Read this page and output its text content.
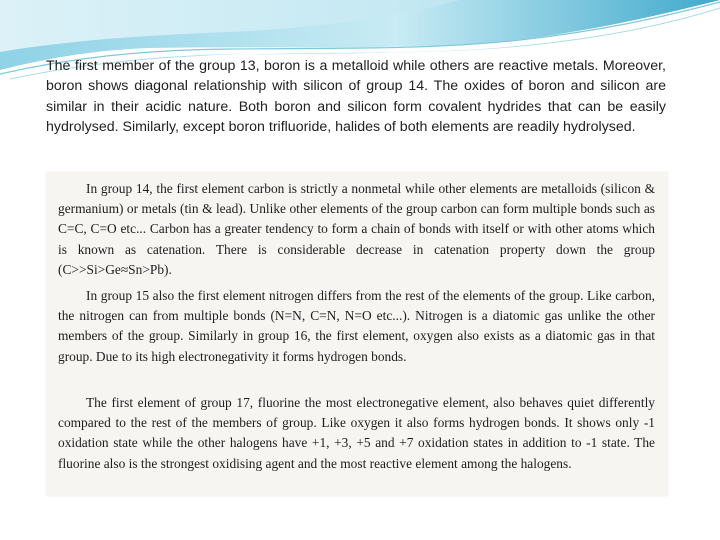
The first member of the group 13, boron is a metalloid while others are reactive metals. Moreover, boron shows diagonal relationship with silicon of group 14. The oxides of boron and silicon are similar in their acidic nature. Both boron and silicon form covalent hydrides that can be easily hydrolysed. Similarly, except boron trifluoride, halides of both elements are readily hydrolysed.

In group 14, the first element carbon is strictly a nonmetal while other elements are metalloids (silicon & germanium) or metals (tin & lead). Unlike other elements of the group carbon can form multiple bonds such as C=C, C=O etc... Carbon has a greater tendency to form a chain of bonds with itself or with other atoms which is known as catenation. There is considerable decrease in catenation property down the group (C>>Si>Ge≈Sn>Pb).

In group 15 also the first element nitrogen differs from the rest of the elements of the group. Like carbon, the nitrogen can from multiple bonds (N=N, C=N, N=O etc...). Nitrogen is a diatomic gas unlike the other members of the group. Similarly in group 16, the first element, oxygen also exists as a diatomic gas in that group. Due to its high electronegativity it forms hydrogen bonds.

The first element of group 17, fluorine the most electronegative element, also behaves quiet differently compared to the rest of the members of group. Like oxygen it also forms hydrogen bonds. It shows only -1 oxidation state while the other halogens have +1, +3, +5 and +7 oxidation states in addition to -1 state. The fluorine also is the strongest oxidising agent and the most reactive element among the halogens.
